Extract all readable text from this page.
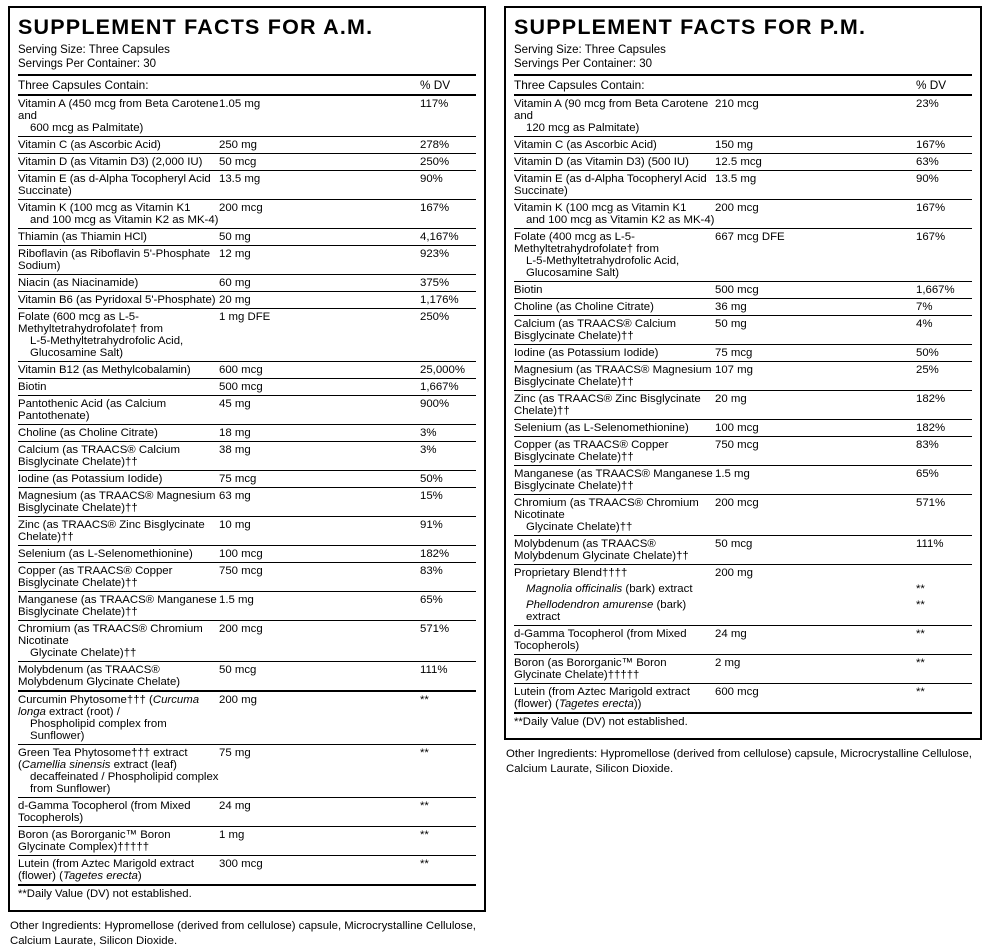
SUPPLEMENT FACTS FOR A.M.
Serving Size: Three Capsules
Servings Per Container: 30
Three Capsules Contain:		% DV
Vitamin A (450 mcg from Beta Carotene and
600 mcg as Palmitate)	1.05 mg	117%
Vitamin C (as Ascorbic Acid)	250 mg	278%
Vitamin D (as Vitamin D3) (2,000 IU)	50 mcg	250%
Vitamin E (as d-Alpha Tocopheryl Acid Succinate)	13.5 mg	90%
Vitamin K (100 mcg as Vitamin K1
and 100 mcg as Vitamin K2 as MK-4)	200 mcg	167%
Thiamin (as Thiamin HCl)	50 mg	4,167%
Riboflavin (as Riboflavin 5'-Phosphate Sodium)	12 mg	923%
Niacin (as Niacinamide)	60 mg	375%
Vitamin B6 (as Pyridoxal 5'-Phosphate)	20 mg	1,176%
Folate (600 mcg as L-5-Methyltetrahydrofolate† from
L-5-Methyltetrahydrofolic Acid, Glucosamine Salt)	1 mg DFE	250%
Vitamin B12 (as Methylcobalamin)	600 mcg	25,000%
Biotin	500 mcg	1,667%
Pantothenic Acid (as Calcium Pantothenate)	45 mg	900%
Choline (as Choline Citrate)	18 mg	3%
Calcium (as TRAACS® Calcium Bisglycinate Chelate)††	38 mg	3%
Iodine (as Potassium Iodide)	75 mcg	50%
Magnesium (as TRAACS® Magnesium Bisglycinate Chelate)††	63 mg	15%
Zinc (as TRAACS® Zinc Bisglycinate Chelate)††	10 mg	91%
Selenium (as L-Selenomethionine)	100 mcg	182%
Copper (as TRAACS® Copper Bisglycinate Chelate)††	750 mcg	83%
Manganese (as TRAACS® Manganese Bisglycinate Chelate)††	1.5 mg	65%
Chromium (as TRAACS® Chromium Nicotinate
Glycinate Chelate)††	200 mcg	571%
Molybdenum (as TRAACS® Molybdenum Glycinate Chelate)	50 mcg	111%
Curcumin Phytosome††† (Curcuma longa extract (root) /
Phospholipid complex from Sunflower)	200 mg	**
Green Tea Phytosome††† extract (Camellia sinensis extract (leaf)
decaffeinated / Phospholipid complex from Sunflower)	75 mg	**
d-Gamma Tocopherol (from Mixed Tocopherols)	24 mg	**
Boron (as Bororganic™ Boron Glycinate Complex)†††††	1 mg	**
Lutein (from Aztec Marigold extract (flower) (Tagetes erecta)	300 mcg	**
**Daily Value (DV) not established.		
Other Ingredients: Hypromellose (derived from cellulose) capsule, Microcrystalline Cellulose, Calcium Laurate, Silicon Dioxide.
SUPPLEMENT FACTS FOR P.M.
Serving Size: Three Capsules
Servings Per Container: 30
Three Capsules Contain:		% DV
Vitamin A (90 mcg from Beta Carotene and
120 mcg as Palmitate)	210 mcg	23%
Vitamin C (as Ascorbic Acid)	150 mg	167%
Vitamin D (as Vitamin D3) (500 IU)	12.5 mcg	63%
Vitamin E (as d-Alpha Tocopheryl Acid Succinate)	13.5 mg	90%
Vitamin K (100 mcg as Vitamin K1
and 100 mcg as Vitamin K2 as MK-4)	200 mcg	167%
Folate (400 mcg as L-5-Methyltetrahydrofolate† from
L-5-Methyltetrahydrofolic Acid, Glucosamine Salt)	667 mcg DFE	167%
Biotin	500 mcg	1,667%
Choline (as Choline Citrate)	36 mg	7%
Calcium (as TRAACS® Calcium Bisglycinate Chelate)††	50 mg	4%
Iodine (as Potassium Iodide)	75 mcg	50%
Magnesium (as TRAACS® Magnesium Bisglycinate Chelate)††	107 mg	25%
Zinc (as TRAACS® Zinc Bisglycinate Chelate)††	20 mg	182%
Selenium (as L-Selenomethionine)	100 mcg	182%
Copper (as TRAACS® Copper Bisglycinate Chelate)††	750 mcg	83%
Manganese (as TRAACS® Manganese Bisglycinate Chelate)††	1.5 mg	65%
Chromium (as TRAACS® Chromium Nicotinate
Glycinate Chelate)††	200 mcg	571%
Molybdenum (as TRAACS® Molybdenum Glycinate Chelate)††	50 mcg	111%
Proprietary Blend††††	200 mg	

Magnolia officinalis (bark) extract		**

Phellodendron amurense (bark) extract		**
d-Gamma Tocopherol (from Mixed Tocopherols)	24 mg	**
Boron (as Bororganic™ Boron Glycinate Chelate)†††††	2 mg	**
Lutein (from Aztec Marigold extract (flower) (Tagetes erecta))	600 mcg	**
**Daily Value (DV) not established.		
Other Ingredients: Hypromellose (derived from cellulose) capsule, Microcrystalline Cellulose, Calcium Laurate, Silicon Dioxide.
